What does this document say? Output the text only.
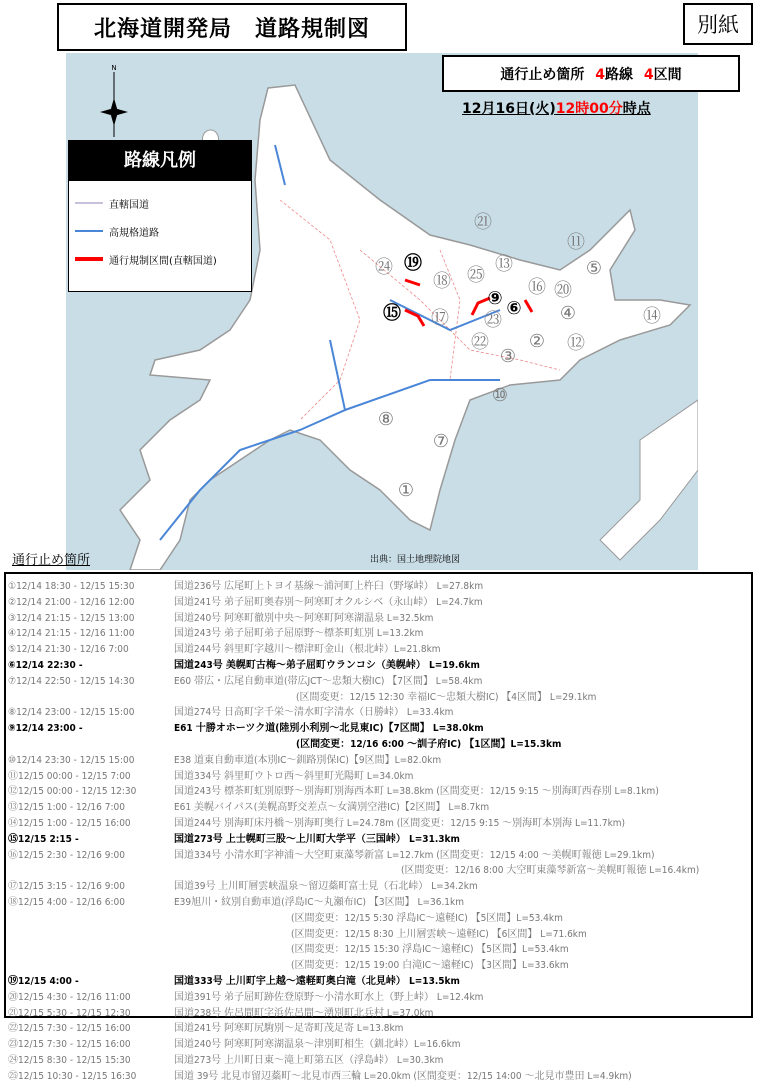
北海道開発局　道路規制図	別紙
①
②
③
④
⑤
⑥
⑦
⑧
⑨
⑩
⑪
⑫
⑬
⑭
⑮
⑯
⑰
⑱
⑲
⑳
㉑
㉒
㉓
㉔	㉕
N	通行止め箇所 4路線 4区間
12月16日(火)12時00分時点
路線凡例
直轄国道
高規格道路
通行規制区間(直轄国道)
通行止め箇所	出典：国土地理院地図
①12/14 18:30 - 12/15 15:30	国道236号 広尾町上トヨイ基線～浦河町上杵臼（野塚峠） L=27.8km
②12/14 21:00 - 12/16 12:00	国道241号 弟子屈町奥春別～阿寒町オクルシベ（永山峠） L=24.7km
③12/14 21:15 - 12/15 13:00	国道240号 阿寒町徹別中央～阿寒町阿寒湖温泉 L=32.5km
④12/14 21:15 - 12/16 11:00	国道243号 弟子屈町弟子屈原野～標茶町虹別 L=13.2km
⑤12/14 21:30 - 12/16 7:00	国道244号 斜里町字越川～標津町金山（根北峠）L=21.8km
⑥12/14 22:30 -	国道243号 美幌町古梅～弟子屈町ウランコシ（美幌峠） L=19.6km
⑦12/14 22:50 - 12/15 14:30	E60 帯広・広尾自動車道(帯広JCT～忠類大樹IC) 【7区間】 L=58.4km
(区間変更：12/15 12:30 幸福IC～忠類大樹IC) 【4区間】 L=29.1km
⑧12/14 23:00 - 12/15 15:00	国道274号 日高町字千栄～清水町字清水（日勝峠） L=33.4km
⑨12/14 23:00 -	E61 十勝オホーツク道(陸別小利別～北見東IC)【7区間】 L=38.0km
(区間変更：12/16 6:00 ～訓子府IC) 【1区間】L=15.3km
⑩12/14 23:30 - 12/15 15:00	E38 道東自動車道(本別IC～釧路別保IC)【9区間】L=82.0km
⑪12/15 00:00 - 12/15 7:00	国道334号 斜里町ウトロ西～斜里町光陽町 L=34.0km
⑫12/15 00:00 - 12/15 12:30	国道243号 標茶町虹別原野～別海町別海西本町 L=38.8km (区間変更：12/15 9:15 ～別海町西春別 L=8.1km)
⑬12/15 1:00 - 12/16 7:00	E61 美幌バイパス(美幌高野交差点～女満別空港IC)【2区間】 L=8.7km
⑭12/15 1:00 - 12/15 16:00	国道244号 別海町床丹橋～別海町奥行 L=24.78m (区間変更：12/15 9:15 ～別海町本別海 L=11.7km)
⑮12/15 2:15 -	国道273号 上士幌町三股～上川町大学平（三国峠） L=31.3km
⑯12/15 2:30 - 12/16 9:00	国道334号 小清水町字神浦～大空町東藻琴新富 L=12.7km (区間変更：12/15 4:00 ～美幌町報徳 L=29.1km)
(区間変更：12/16 8:00 大空町東藻琴新富～美幌町報徳 L=16.4km)
⑰12/15 3:15 - 12/16 9:00	国道39号 上川町層雲峡温泉～留辺蘂町富士見（石北峠） L=34.2km
⑱12/15 4:00 - 12/16 6:00	E39旭川・紋別自動車道(浮島IC～丸瀬布IC) 【3区間】 L=36.1km
(区間変更：12/15 5:30 浮島IC～遠軽IC) 【5区間】L=53.4km
(区間変更：12/15 8:30 上川層雲峡～遠軽IC) 【6区間】 L=71.6km
(区間変更：12/15 15:30 浮島IC～遠軽IC) 【5区間】L=53.4km
(区間変更：12/15 19:00 白滝IC～遠軽IC) 【3区間】L=33.6km
⑲12/15 4:00 -	国道333号 上川町宇上越～遠軽町奥白滝（北見峠） L=13.5km
⑳12/15 4:30 - 12/16 11:00	国道391号 弟子屈町跡佐登原野～小清水町水上（野上峠） L=12.4km
㉑12/15 5:30 - 12/15 12:30	国道238号 佐呂間町字浜佐呂間～湧別町北兵村 L=37.0km
㉒12/15 7:30 - 12/15 16:00	国道241号 阿寒町尻駒別～足寄町茂足寄 L=13.8km
㉓12/15 7:30 - 12/15 16:00	国道240号 阿寒町阿寒湖温泉～津別町相生（釧北峠）L=16.6km
㉔12/15 8:30 - 12/15 15:30	国道273号 上川町日東～滝上町第五区（浮島峠） L=30.3km
㉕12/15 10:30 - 12/15 16:30	国道 39号 北見市留辺蘂町～北見市西三輪 L=20.0km (区間変更：12/15 14:00 ～北見市豊田 L=4.9km)
